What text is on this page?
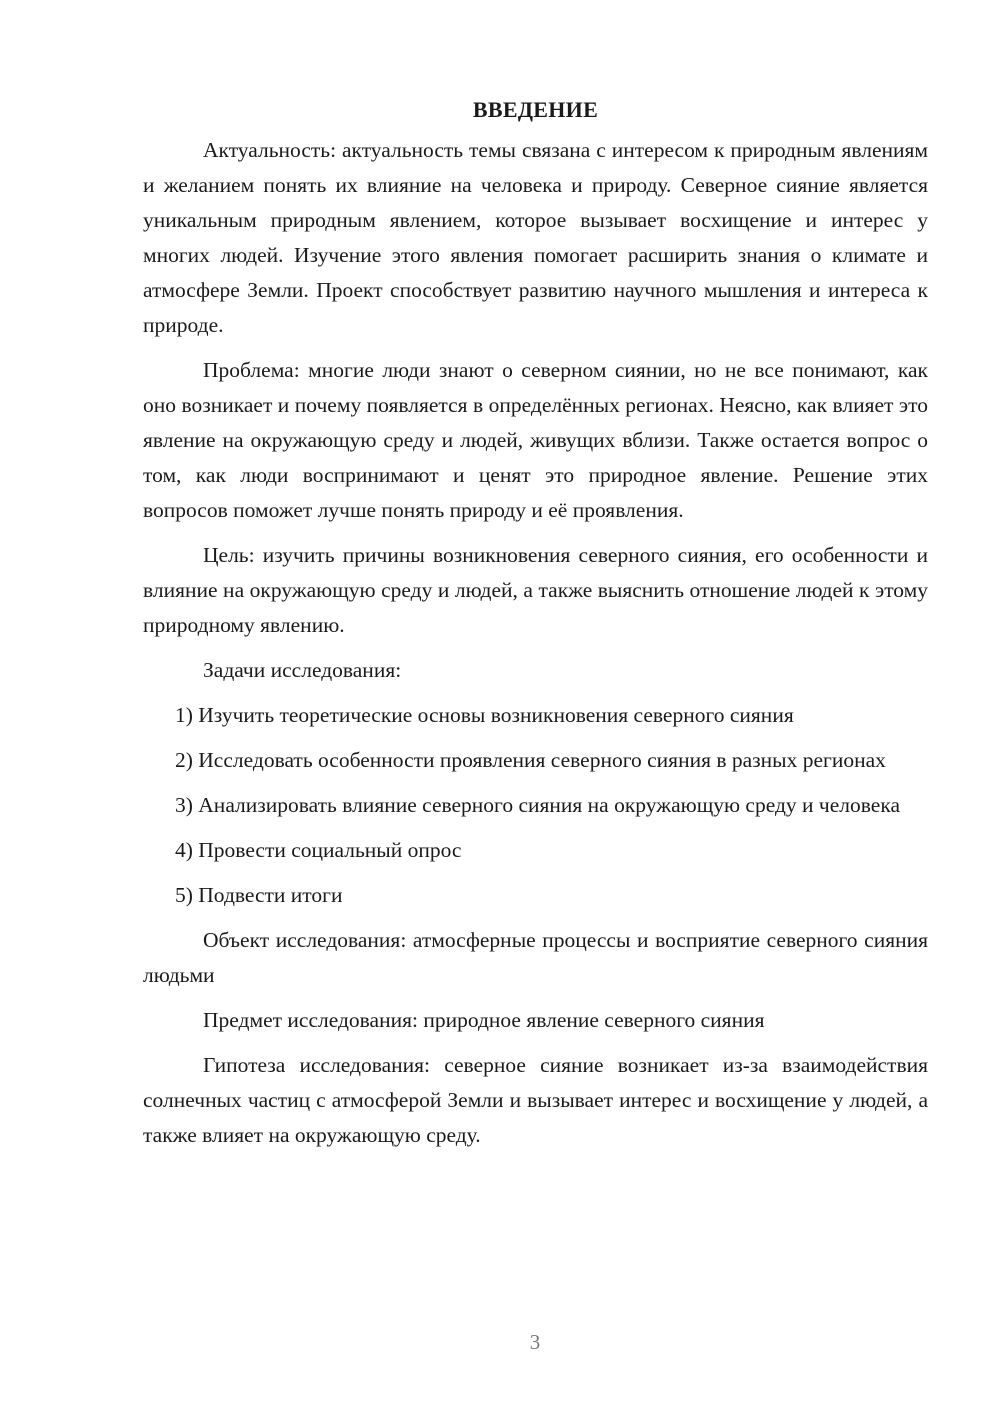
ВВЕДЕНИЕ

Актуальность: актуальность темы связана с интересом к природным явлениям и желанием понять их влияние на человека и природу. Северное сияние является уникальным природным явлением, которое вызывает восхищение и интерес у многих людей. Изучение этого явления помогает расширить знания о климате и атмосфере Земли. Проект способствует развитию научного мышления и интереса к природе.

Проблема: многие люди знают о северном сиянии, но не все понимают, как оно возникает и почему появляется в определённых регионах. Неясно, как влияет это явление на окружающую среду и людей, живущих вблизи. Также остается вопрос о том, как люди воспринимают и ценят это природное явление. Решение этих вопросов поможет лучше понять природу и её проявления.

Цель: изучить причины возникновения северного сияния, его особенности и влияние на окружающую среду и людей, а также выяснить отношение людей к этому природному явлению.

Задачи исследования:

1) Изучить теоретические основы возникновения северного сияния

2) Исследовать особенности проявления северного сияния в разных регионах

3) Анализировать влияние северного сияния на окружающую среду и человека

4) Провести социальный опрос

5) Подвести итоги

Объект исследования: атмосферные процессы и восприятие северного сияния людьми

Предмет исследования: природное явление северного сияния

Гипотеза исследования: северное сияние возникает из-за взаимодействия солнечных частиц с атмосферой Земли и вызывает интерес и восхищение у людей, а также влияет на окружающую среду.

3
